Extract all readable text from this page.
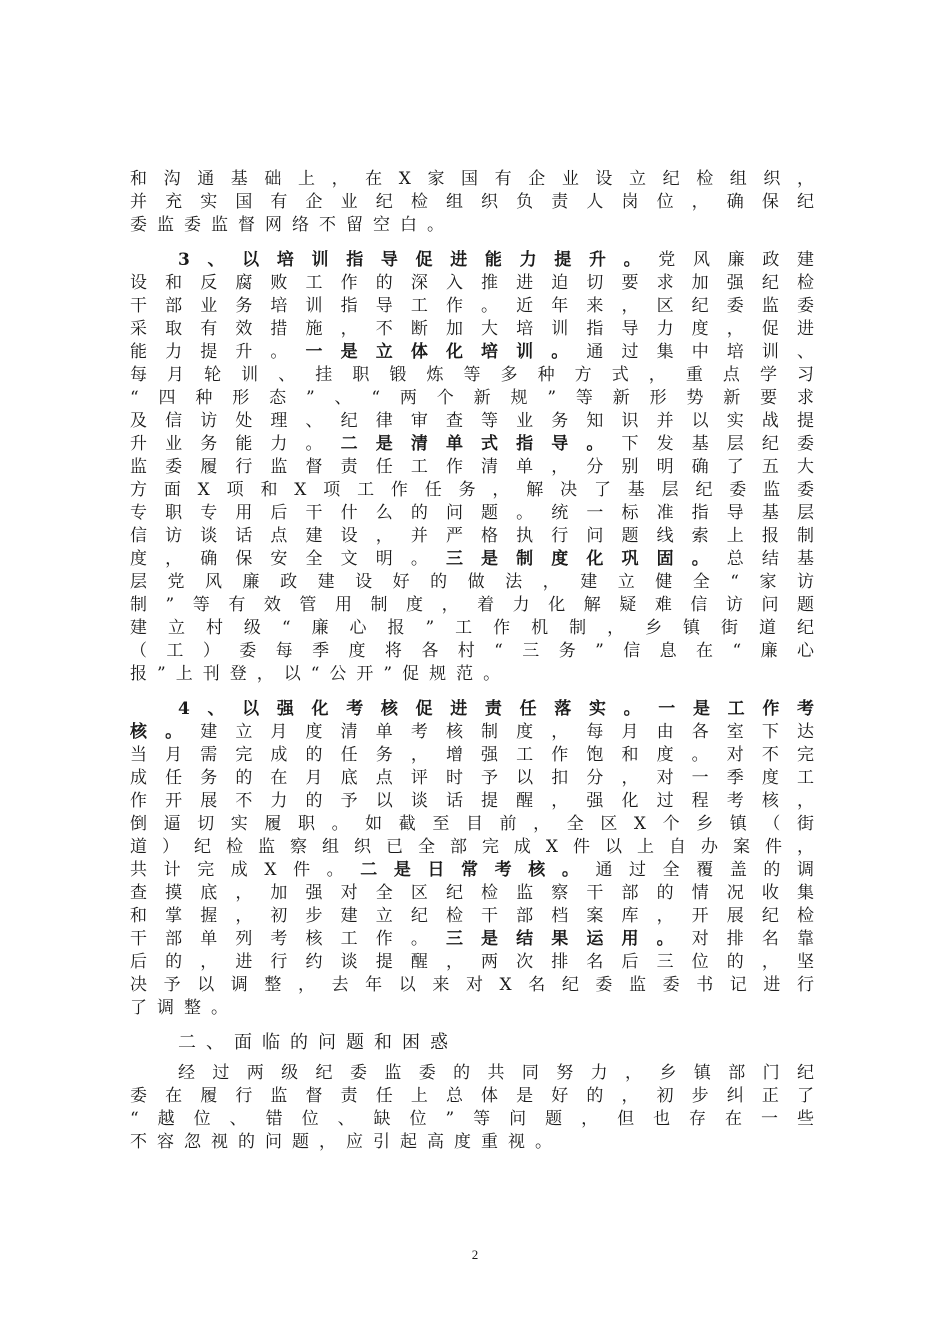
和沟通基础上，在X家国有企业设立纪检组织，
并充实国有企业纪检组织负责人岗位，确保纪
委监委监督网络不留空白。
3、以培训指导促进能力提升。党风廉政建
设和反腐败工作的深入推进迫切要求加强纪检
干部业务培训指导工作。近年来，区纪委监委
采取有效措施，不断加大培训指导力度，促进
能力提升。一是立体化培训。通过集中培训、
每月轮训、挂职锻炼等多种方式，重点学习
“四种形态”、“两个新规”等新形势新要求
及信访处理、纪律审查等业务知识并以实战提
升业务能力。二是清单式指导。下发基层纪委
监委履行监督责任工作清单，分别明确了五大
方面X项和X项工作任务，解决了基层纪委监委
专职专用后干什么的问题。统一标准指导基层
信访谈话点建设，并严格执行问题线索上报制
度，确保安全文明。三是制度化巩固。总结基
层党风廉政建设好的做法，建立健全“家访
制”等有效管用制度，着力化解疑难信访问题
建立村级“廉心报”工作机制，乡镇街道纪
（工）委每季度将各村“三务”信息在“廉心
报”上刊登，以“公开”促规范。
4、以强化考核促进责任落实。一是工作考
核。建立月度清单考核制度，每月由各室下达
当月需完成的任务，增强工作饱和度。对不完
成任务的在月底点评时予以扣分，对一季度工
作开展不力的予以谈话提醒，强化过程考核，
倒逼切实履职。如截至目前，全区X个乡镇（街
道）纪检监察组织已全部完成X件以上自办案件，
共计完成X件。二是日常考核。通过全覆盖的调
查摸底，加强对全区纪检监察干部的情况收集
和掌握，初步建立纪检干部档案库，开展纪检
干部单列考核工作。三是结果运用。对排名靠
后的，进行约谈提醒，两次排名后三位的，坚
决予以调整，去年以来对X名纪委监委书记进行
了调整。
二、面临的问题和困惑
经过两级纪委监委的共同努力，乡镇部门纪
委在履行监督责任上总体是好的，初步纠正了
“越位、错位、缺位”等问题，但也存在一些
不容忽视的问题，应引起高度重视。
2
